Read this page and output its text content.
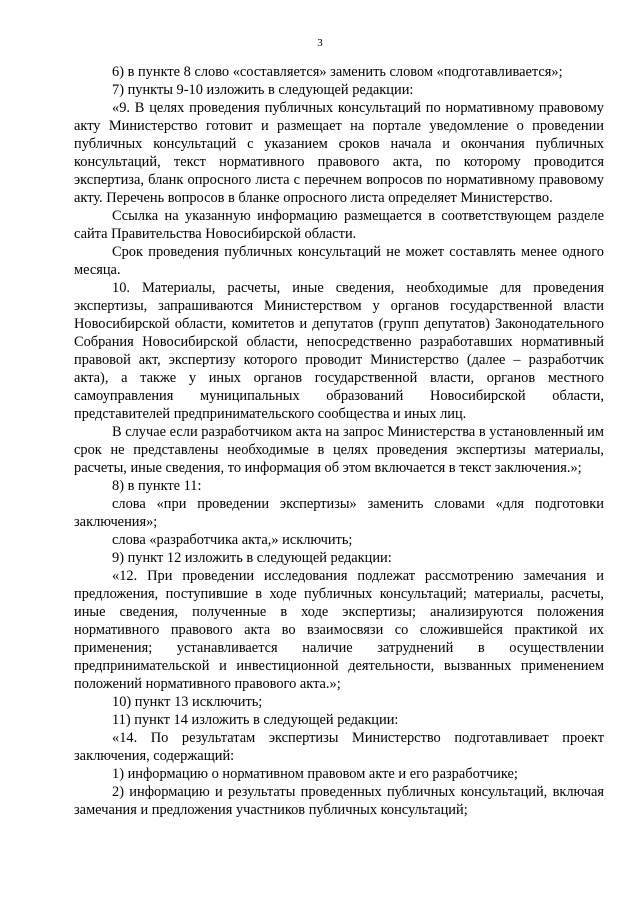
3

6) в пункте 8 слово «составляется» заменить словом «подготавливается»;

7) пункты 9-10 изложить в следующей редакции:

«9. В целях проведения публичных консультаций по нормативному правовому акту Министерство готовит и размещает на портале уведомление о проведении публичных консультаций с указанием сроков начала и окончания публичных консультаций, текст нормативного правового акта, по которому проводится экспертиза, бланк опросного листа с перечнем вопросов по нормативному правовому акту. Перечень вопросов в бланке опросного листа определяет Министерство.

Ссылка на указанную информацию размещается в соответствующем разделе сайта Правительства Новосибирской области.

Срок проведения публичных консультаций не может составлять менее одного месяца.

10. Материалы, расчеты, иные сведения, необходимые для проведения экспертизы, запрашиваются Министерством у органов государственной власти Новосибирской области, комитетов и депутатов (групп депутатов) Законодательного Собрания Новосибирской области, непосредственно разработавших нормативный правовой акт, экспертизу которого проводит Министерство (далее – разработчик акта), а также у иных органов государственной власти, органов местного самоуправления муниципальных образований Новосибирской области, представителей предпринимательского сообщества и иных лиц.

В случае если разработчиком акта на запрос Министерства в установленный им срок не представлены необходимые в целях проведения экспертизы материалы, расчеты, иные сведения, то информация об этом включается в текст заключения.»;

8) в пункте 11:

слова «при проведении экспертизы» заменить словами «для подготовки заключения»;

слова «разработчика акта,» исключить;

9) пункт 12 изложить в следующей редакции:

«12. При проведении исследования подлежат рассмотрению замечания и предложения, поступившие в ходе публичных консультаций; материалы, расчеты, иные сведения, полученные в ходе экспертизы; анализируются положения нормативного правового акта во взаимосвязи со сложившейся практикой их применения; устанавливается наличие затруднений в осуществлении предпринимательской и инвестиционной деятельности, вызванных применением положений нормативного правового акта.»;

10) пункт 13 исключить;

11) пункт 14 изложить в следующей редакции:

«14. По результатам экспертизы Министерство подготавливает проект заключения, содержащий:

1) информацию о нормативном правовом акте и его разработчике;

2) информацию и результаты проведенных публичных консультаций, включая замечания и предложения участников публичных консультаций;
